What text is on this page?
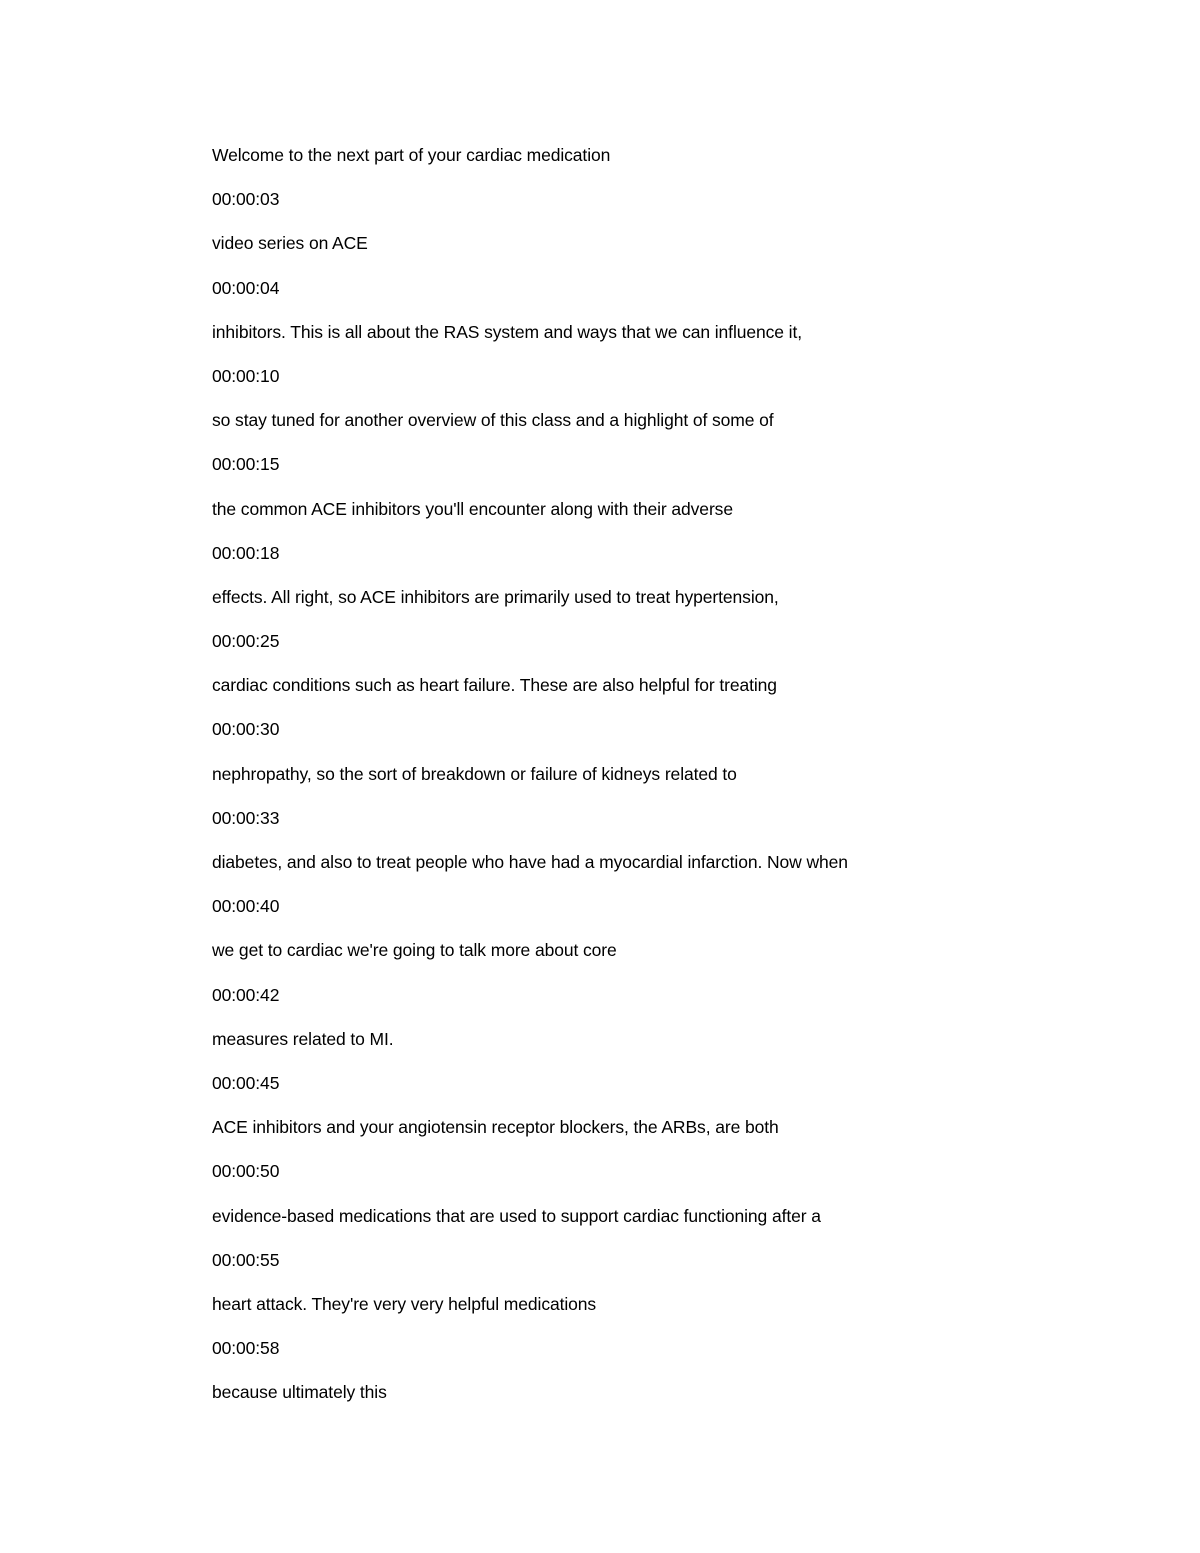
Welcome to the next part of your cardiac medication
00:00:03
video series on ACE
00:00:04
inhibitors. This is all about the RAS system and ways that we can influence it,
00:00:10
so stay tuned for another overview of this class and a highlight of some of
00:00:15
the common ACE inhibitors you'll encounter along with their adverse
00:00:18
effects. All right, so ACE inhibitors are primarily used to treat hypertension,
00:00:25
cardiac conditions such as heart failure. These are also helpful for treating
00:00:30
nephropathy, so the sort of breakdown or failure of kidneys related to
00:00:33
diabetes, and also to treat people who have had a myocardial infarction. Now when
00:00:40
we get to cardiac we're going to talk more about core
00:00:42
measures related to MI.
00:00:45
ACE inhibitors and your angiotensin receptor blockers, the ARBs, are both
00:00:50
evidence-based medications that are used to support cardiac functioning after a
00:00:55
heart attack. They're very very helpful medications
00:00:58
because ultimately this
